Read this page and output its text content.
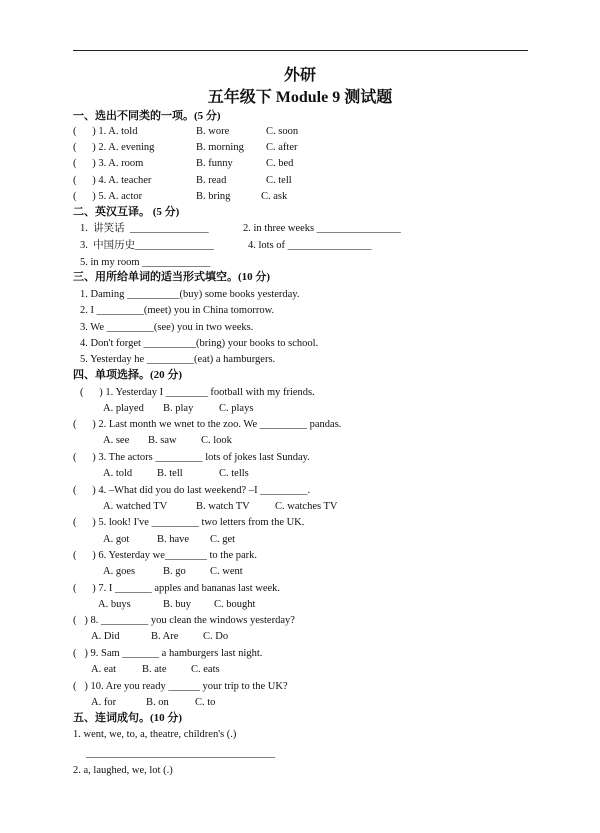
外研
五年级下 Module 9 测试题
一、选出不同类的一项。(5 分)
(      ) 1. A. told	B. wore	C. soon
(      ) 2. A. evening	B. morning C. after
(      ) 3. A. room	B. funny	C. bed
(      ) 4. A. teacher	B. read	C. tell
(      ) 5. A. actor	B. bring	C. ask
二、英汉互译。 (5 分)
1.  讲笑话  _______________	2. in three weeks ________________
3.  中国历史_______________	4. lots of ________________
5. in my room _____________
三、用所给单词的适当形式填空。(10 分)
1. Daming __________(buy) some books yesterday.
2. I _________(meet) you in China tomorrow.
3. We _________(see) you in two weeks.
4. Don't forget __________(bring) your books to school.
5. Yesterday he _________(eat) a hamburgers.
四、单项选择。(20 分)
(      ) 1. Yesterday I ________ football with my friends.
A. played B. play C. plays
(      ) 2. Last month we wnet to the zoo. We _________ pandas.
A. see B. saw C. look
(      ) 3. The actors _________ lots of jokes last Sunday.
A. told B. tell	C. tells
(      ) 4. –What did you do last weekend? –I _________.
A. watched TV	B. watch TV C. watches TV
(      ) 5. look! I've _________ two letters from the UK.
A. got	B. have C. get
(      ) 6. Yesterday we________ to the park.
A. goes	B. go C. went
(      ) 7. I _______ apples and bananas last week.
A. buys	B. buy C. bought
(   ) 8. _________ you clean the windows yesterday?
A. Did	B. Are C. Do
(   ) 9. Sam _______ a hamburgers last night.
A. eat B. ate C. eats
(   ) 10. Are you ready ______ your trip to the UK?
A. for	B. on C. to
五、连词成句。(10 分)
1. went, we, to, a, theatre, children's (.)
____________________________________
2. a, laughed, we, lot (.)
